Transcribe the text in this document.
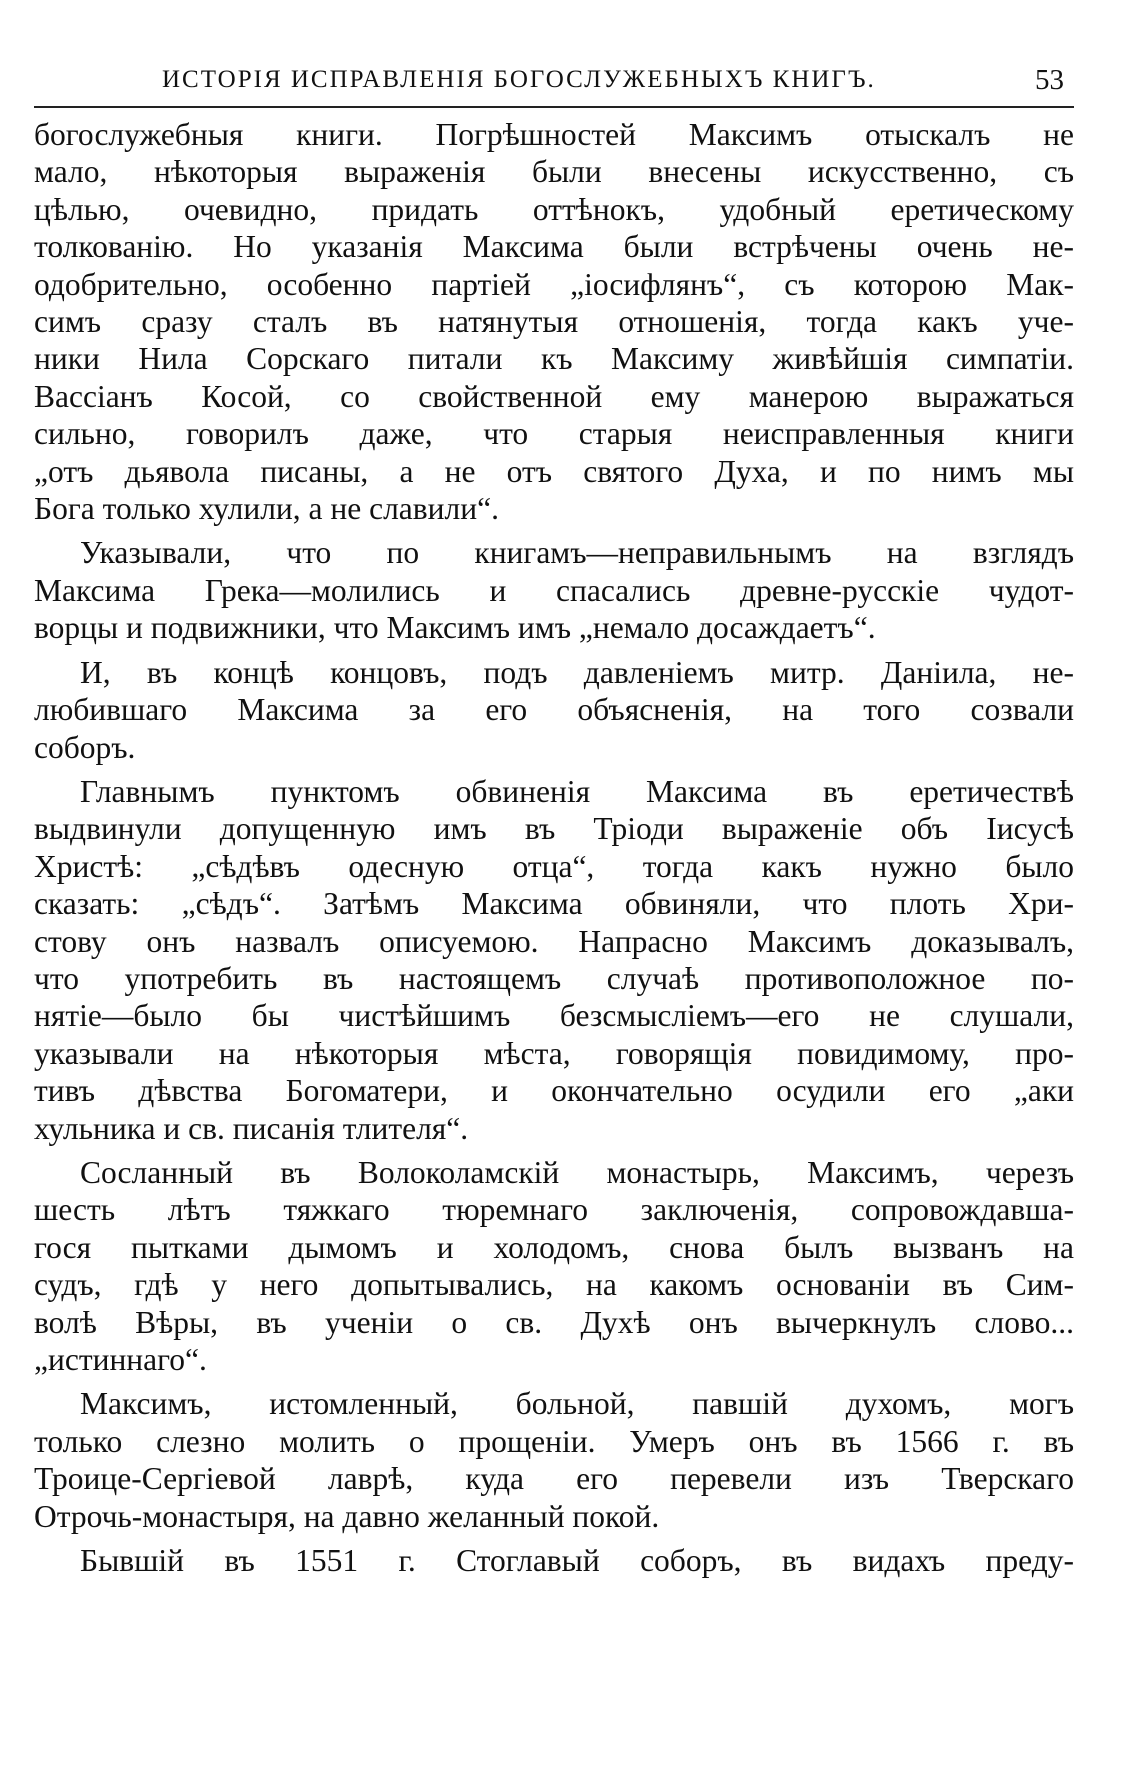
ИСТОРІЯ ИСПРАВЛЕНІЯ БОГОСЛУЖЕБНЫХЪ КНИГЪ.	53
богослужебныя книги. Погрѣшностей Максимъ отыскалъ не
мало, нѣкоторыя выраженія были внесены искусственно, съ
цѣлью, очевидно, придать оттѣнокъ, удобный еретическому
толкованію. Но указанія Максима были встрѣчены очень не-
одобрительно, особенно партіей „іосифлянъ“, съ которою Мак-
симъ сразу сталъ въ натянутыя отношенія, тогда какъ уче-
ники Нила Сорскаго питали къ Максиму живѣйшія симпатіи.
Вассіанъ Косой, со свойственной ему манерою выражаться
сильно, говорилъ даже, что старыя неисправленныя книги
„отъ дьявола писаны, а не отъ святого Духа, и по нимъ мы
Бога только хулили, а не славили“.
Указывали, что по книгамъ—неправильнымъ на взглядъ
Максима Грека—молились и спасались древне-русскіе чудот-
ворцы и подвижники, что Максимъ имъ „немало досаждаетъ“.
И, въ концѣ концовъ, подъ давленіемъ митр. Даніила, не-
любившаго Максима за его объясненія, на того созвали
соборъ.
Главнымъ пунктомъ обвиненія Максима въ еретичествѣ
выдвинули допущенную имъ въ Тріоди выраженіе объ Іисусѣ
Христѣ: „сѣдѣвъ одесную отца“, тогда какъ нужно было
сказать: „сѣдъ“. Затѣмъ Максима обвиняли, что плоть Хри-
стову онъ назвалъ описуемою. Напрасно Максимъ доказывалъ,
что употребить въ настоящемъ случаѣ противоположное по-
нятіе—было бы чистѣйшимъ безсмысліемъ—его не слушали,
указывали на нѣкоторыя мѣста, говорящія повидимому, про-
тивъ дѣвства Богоматери, и окончательно осудили его „аки
хульника и св. писанія тлителя“.
Сосланный въ Волоколамскій монастырь, Максимъ, черезъ
шесть лѣтъ тяжкаго тюремнаго заключенія, сопровождавша-
гося пытками дымомъ и холодомъ, снова былъ вызванъ на
судъ, гдѣ у него допытывались, на какомъ основаніи въ Сим-
волѣ Вѣры, въ ученіи о св. Духѣ онъ вычеркнулъ слово...
„истиннаго“.
Максимъ, истомленный, больной, павшій духомъ, могъ
только слезно молить о прощеніи. Умеръ онъ въ 1566 г. въ
Троице-Сергіевой лаврѣ, куда его перевели изъ Тверскаго
Отрочь-монастыря, на давно желанный покой.
Бывшій въ 1551 г. Стоглавый соборъ, въ видахъ преду-
